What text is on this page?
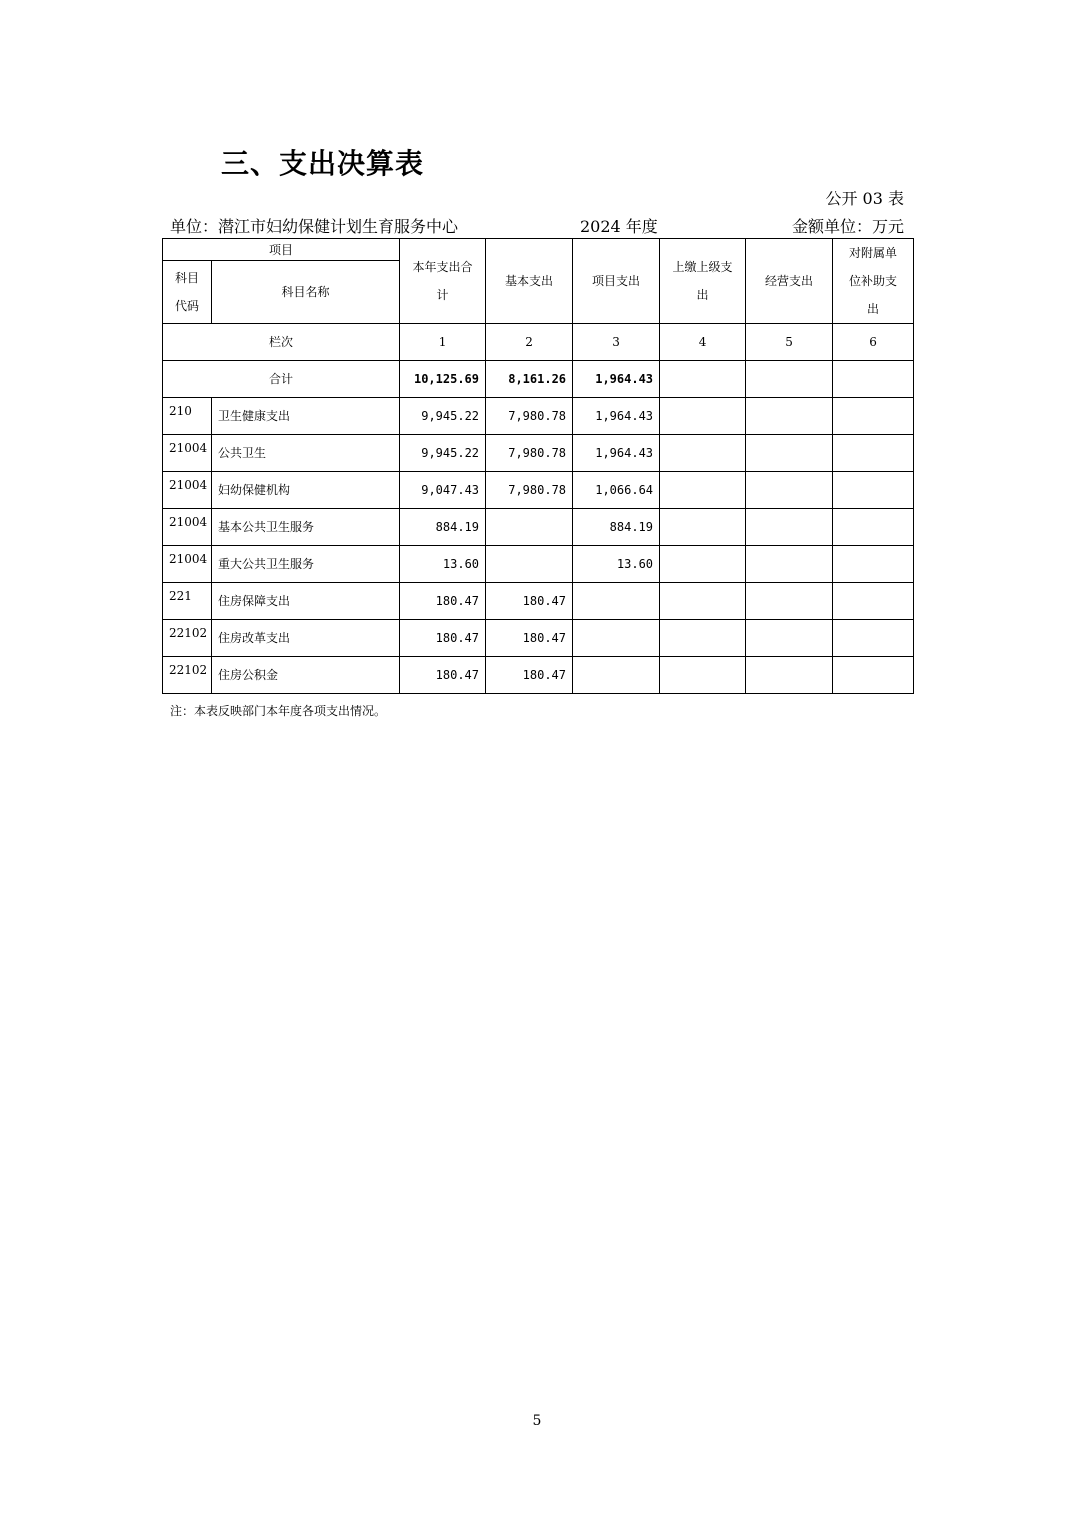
三、支出决算表
公开 03 表
单位：潜江市妇幼保健计划生育服务中心	2024 年度	金额单位：万元
项目		本年支出合计	基本支出	项目支出	上缴上级支出	经营支出	对附属单位补助支出

科目代码	科目名称						
栏次		1	2	3	4	5	6
合计		10,125.69	8,161.26	1,964.43			
210	卫生健康支出	9,945.22	7,980.78	1,964.43			
21004	公共卫生	9,945.22	7,980.78	1,964.43			
21004	妇幼保健机构	9,047.43	7,980.78	1,066.64			
21004	基本公共卫生服务	884.19		884.19			
21004	重大公共卫生服务	13.60		13.60			
221	住房保障支出	180.47	180.47				
22102	住房改革支出	180.47	180.47				
22102	住房公积金	180.47	180.47				
注：本表反映部门本年度各项支出情况。
5
